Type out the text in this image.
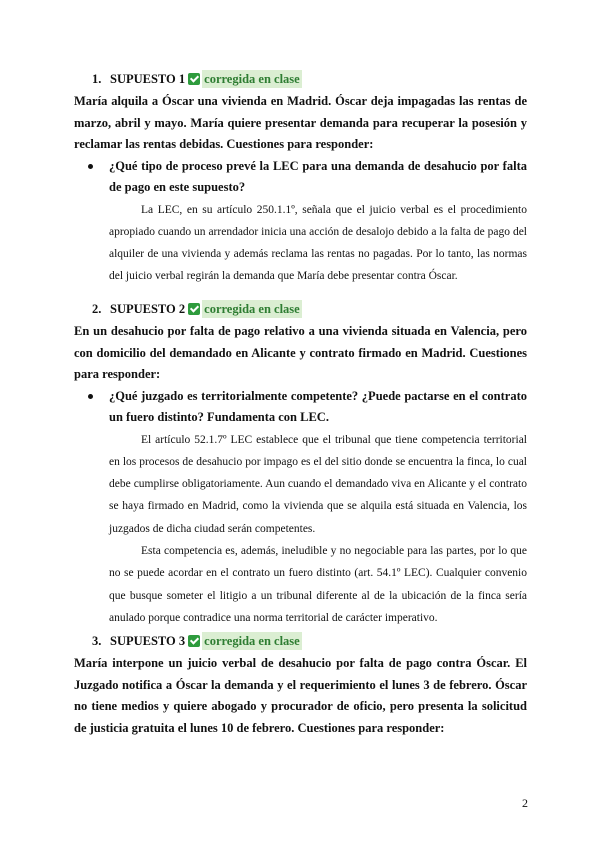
1. SUPUESTO 1 corregida en clase
María alquila a Óscar una vivienda en Madrid. Óscar deja impagadas las rentas de marzo, abril y mayo. María quiere presentar demanda para recuperar la posesión y reclamar las rentas debidas. Cuestiones para responder:
¿Qué tipo de proceso prevé la LEC para una demanda de desahucio por falta de pago en este supuesto?

La LEC, en su artículo 250.1.1º, señala que el juicio verbal es el procedimiento apropiado cuando un arrendador inicia una acción de desalojo debido a la falta de pago del alquiler de una vivienda y además reclama las rentas no pagadas. Por lo tanto, las normas del juicio verbal regirán la demanda que María debe presentar contra Óscar.

2. SUPUESTO 2 corregida en clase
En un desahucio por falta de pago relativo a una vivienda situada en Valencia, pero con domicilio del demandado en Alicante y contrato firmado en Madrid. Cuestiones para responder:
¿Qué juzgado es territorialmente competente? ¿Puede pactarse en el contrato un fuero distinto? Fundamenta con LEC.

El artículo 52.1.7º LEC establece que el tribunal que tiene competencia territorial en los procesos de desahucio por impago es el del sitio donde se encuentra la finca, lo cual debe cumplirse obligatoriamente. Aun cuando el demandado viva en Alicante y el contrato se haya firmado en Madrid, como la vivienda que se alquila está situada en Valencia, los juzgados de dicha ciudad serán competentes.

Esta competencia es, además, ineludible y no negociable para las partes, por lo que no se puede acordar en el contrato un fuero distinto (art. 54.1º LEC). Cualquier convenio que busque someter el litigio a un tribunal diferente al de la ubicación de la finca sería anulado porque contradice una norma territorial de carácter imperativo.

3. SUPUESTO 3 corregida en clase
María interpone un juicio verbal de desahucio por falta de pago contra Óscar. El Juzgado notifica a Óscar la demanda y el requerimiento el lunes 3 de febrero. Óscar no tiene medios y quiere abogado y procurador de oficio, pero presenta la solicitud de justicia gratuita el lunes 10 de febrero. Cuestiones para responder:
2
